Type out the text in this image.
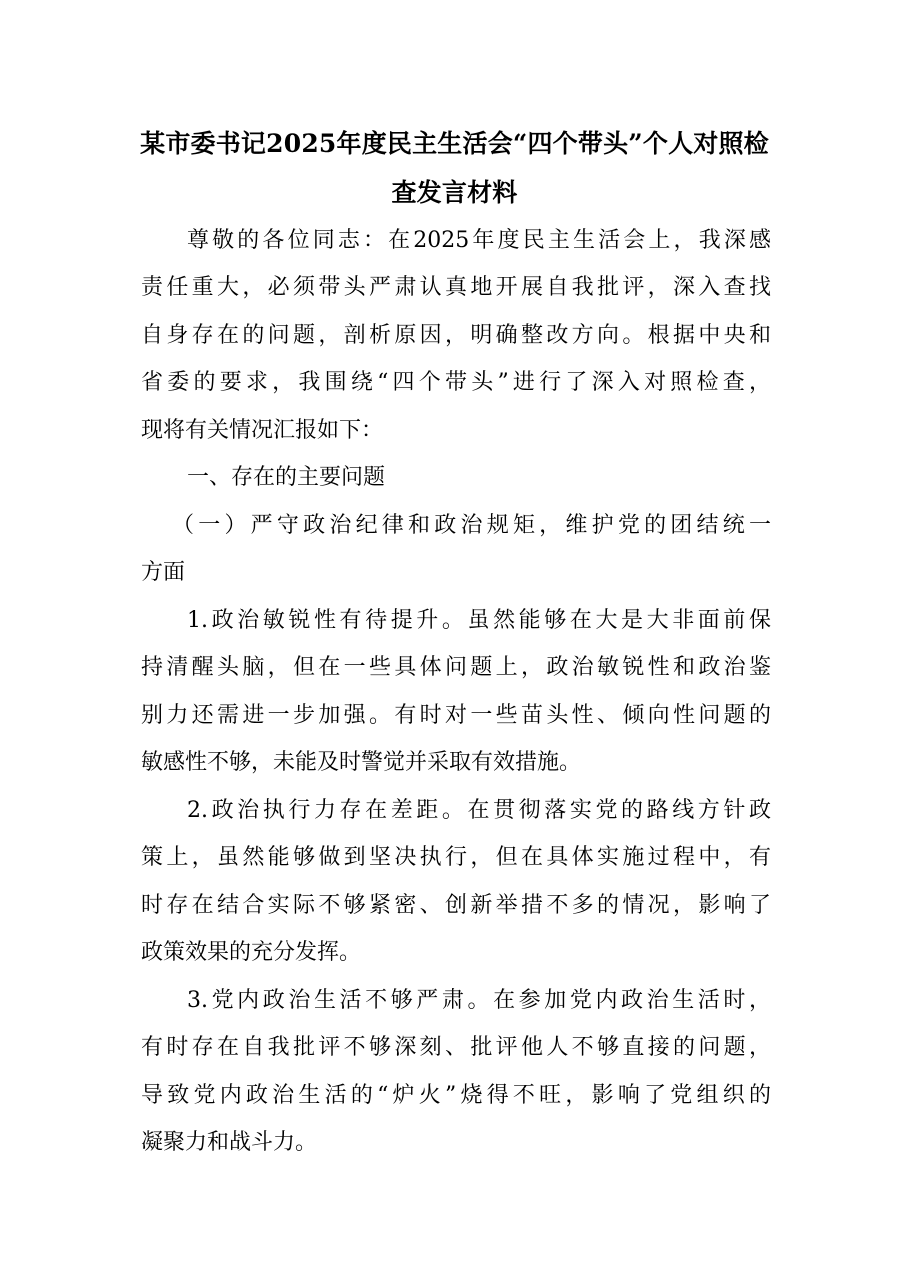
某市委书记2025年度民主生活会“四个带头”个人对照检
查发言材料
尊敬的各位同志：在2025年度民主生活会上，我深感
责任重大，必须带头严肃认真地开展自我批评，深入查找
自身存在的问题，剖析原因，明确整改方向。根据中央和
省委的要求，我围绕“四个带头”进行了深入对照检查，
现将有关情况汇报如下：
一、存在的主要问题
（一）严守政治纪律和政治规矩，维护党的团结统一
方面
1.政治敏锐性有待提升。虽然能够在大是大非面前保
持清醒头脑，但在一些具体问题上，政治敏锐性和政治鉴
别力还需进一步加强。有时对一些苗头性、倾向性问题的
敏感性不够，未能及时警觉并采取有效措施。
2.政治执行力存在差距。在贯彻落实党的路线方针政
策上，虽然能够做到坚决执行，但在具体实施过程中，有
时存在结合实际不够紧密、创新举措不多的情况，影响了
政策效果的充分发挥。
3.党内政治生活不够严肃。在参加党内政治生活时，
有时存在自我批评不够深刻、批评他人不够直接的问题，
导致党内政治生活的“炉火”烧得不旺，影响了党组织的
凝聚力和战斗力。
